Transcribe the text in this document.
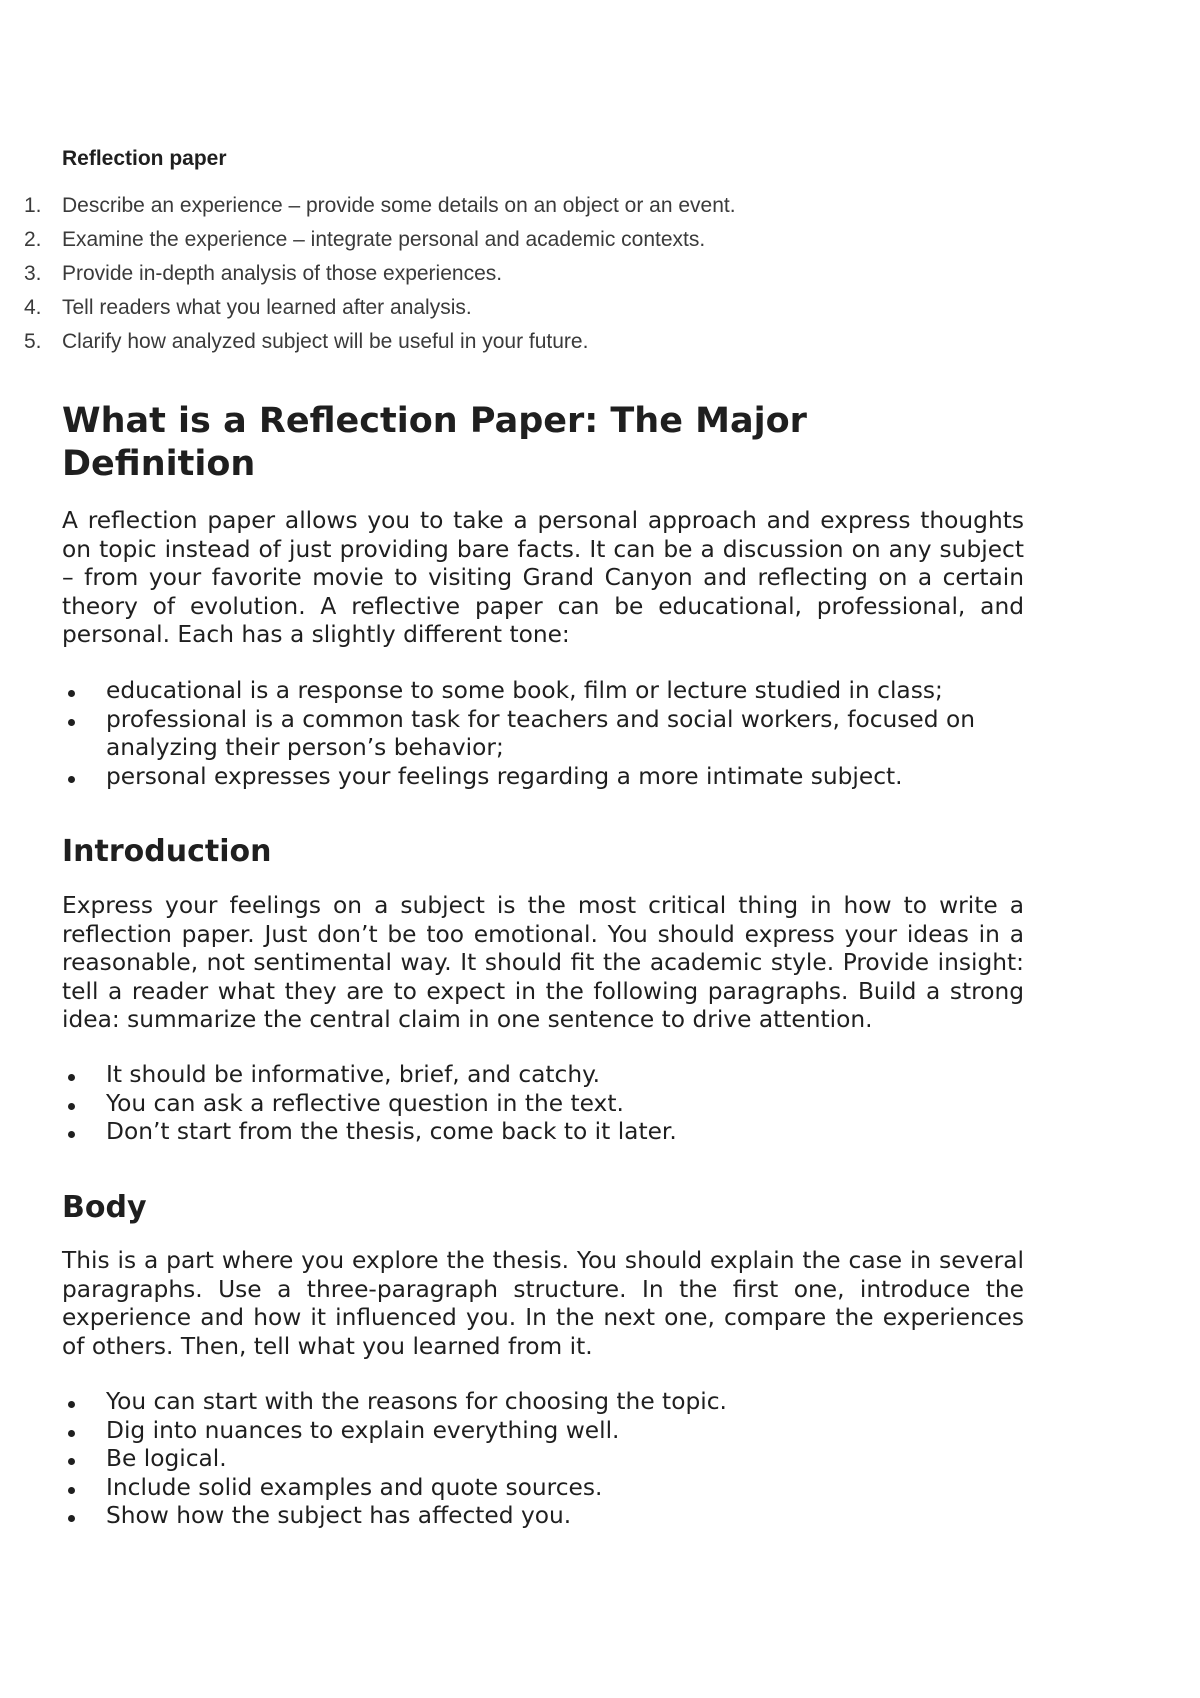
Reflection paper
1. Describe an experience – provide some details on an object or an event.
2. Examine the experience – integrate personal and academic contexts.
3. Provide in-depth analysis of those experiences.
4. Tell readers what you learned after analysis.
5. Clarify how analyzed subject will be useful in your future.
What is a Reflection Paper: The Major Definition

A reflection paper allows you to take a personal approach and express thoughts on topic instead of just providing bare facts. It can be a discussion on any subject – from your favorite movie to visiting Grand Canyon and reflecting on a certain theory of evolution. A reflective paper can be educational, professional, and personal. Each has a slightly different tone:

educational is a response to some book, film or lecture studied in class;
professional is a common task for teachers and social workers, focused on analyzing their person’s behavior;
personal expresses your feelings regarding a more intimate subject.
Introduction

Express your feelings on a subject is the most critical thing in how to write a reflection paper. Just don’t be too emotional. You should express your ideas in a reasonable, not sentimental way. It should fit the academic style. Provide insight: tell a reader what they are to expect in the following paragraphs. Build a strong idea: summarize the central claim in one sentence to drive attention.

It should be informative, brief, and catchy.
You can ask a reflective question in the text.
Don’t start from the thesis, come back to it later.
Body

This is a part where you explore the thesis. You should explain the case in several paragraphs. Use a three-paragraph structure. In the first one, introduce the experience and how it influenced you. In the next one, compare the experiences of others. Then, tell what you learned from it.

You can start with the reasons for choosing the topic.
Dig into nuances to explain everything well.
Be logical.
Include solid examples and quote sources.
Show how the subject has affected you.
